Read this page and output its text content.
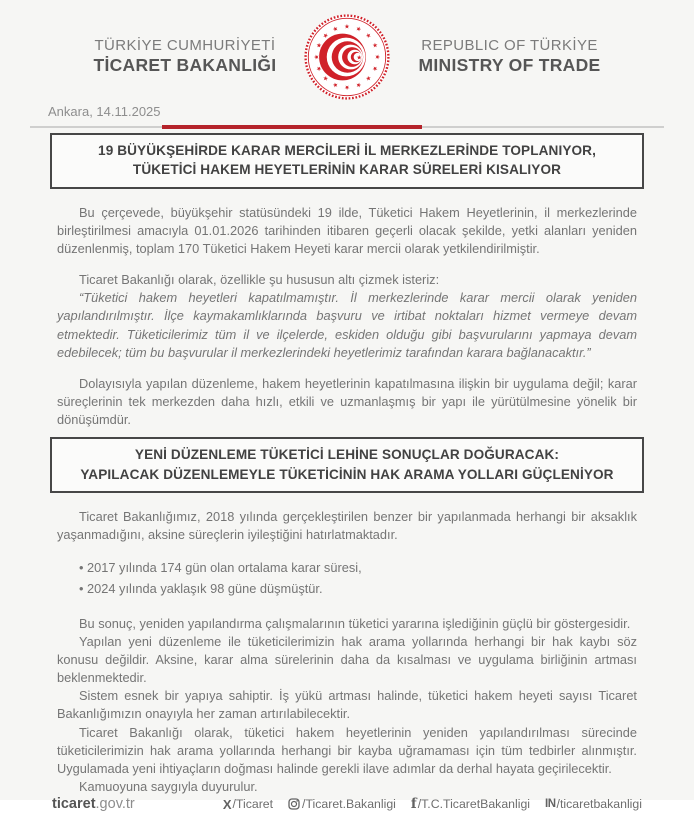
TÜRKİYE CUMHURİYETİ
TİCARET BAKANLIĞI
★
★
REPUBLIC OF TÜRKİYE
MINISTRY OF TRADE
Ankara, 14.11.2025
19 BÜYÜKŞEHİRDE KARAR MERCİLERİ İL MERKEZLERİNDE TOPLANIYOR,
TÜKETİCİ HAKEM HEYETLERİNİN KARAR SÜRELERİ KISALIYOR

Bu çerçevede, büyükşehir statüsündeki 19 ilde, Tüketici Hakem Heyetlerinin, il merkezlerinde birleştirilmesi amacıyla 01.01.2026 tarihinden itibaren geçerli olacak şekilde, yetki alanları yeniden düzenlenmiş, toplam 170 Tüketici Hakem Heyeti karar mercii olarak yetkilendirilmiştir.

Ticaret Bakanlığı olarak, özellikle şu hususun altı çizmek isteriz:

“Tüketici hakem heyetleri kapatılmamıştır. İl merkezlerinde karar mercii olarak yeniden yapılandırılmıştır. İlçe kaymakamlıklarında başvuru ve irtibat noktaları hizmet vermeye devam etmektedir. Tüketicilerimiz tüm il ve ilçelerde, eskiden olduğu gibi başvurularını yapmaya devam edebilecek; tüm bu başvurular il merkezlerindeki heyetlerimiz tarafından karara bağlanacaktır.”

Dolayısıyla yapılan düzenleme, hakem heyetlerinin kapatılmasına ilişkin bir uygulama değil; karar süreçlerinin tek merkezden daha hızlı, etkili ve uzmanlaşmış bir yapı ile yürütülmesine yönelik bir dönüşümdür.

YENİ DÜZENLEME TÜKETİCİ LEHİNE SONUÇLAR DOĞURACAK:
YAPILACAK DÜZENLEMEYLE TÜKETİCİNİN HAK ARAMA YOLLARI GÜÇLENİYOR

Ticaret Bakanlığımız, 2018 yılında gerçekleştirilen benzer bir yapılanmada herhangi bir aksaklık yaşanmadığını, aksine süreçlerin iyileştiğini hatırlatmaktadır.

• 2017 yılında 174 gün olan ortalama karar süresi,
• 2024 yılında yaklaşık 98 güne düşmüştür.

Bu sonuç, yeniden yapılandırma çalışmalarının tüketici yararına işlediğinin güçlü bir göstergesidir.

Yapılan yeni düzenleme ile tüketicilerimizin hak arama yollarında herhangi bir hak kaybı söz konusu değildir. Aksine, karar alma sürelerinin daha da kısalması ve uygulama birliğinin artması beklenmektedir.

Sistem esnek bir yapıya sahiptir. İş yükü artması halinde, tüketici hakem heyeti sayısı Ticaret Bakanlığımızın onayıyla her zaman artırılabilecektir.

Ticaret Bakanlığı olarak, tüketici hakem heyetlerinin yeniden yapılandırılması sürecinde tüketicilerimizin hak arama yollarında herhangi bir kayba uğramaması için tüm tedbirler alınmıştır. Uygulamada yeni ihtiyaçların doğması halinde gerekli ilave adımlar da derhal hayata geçirilecektir.

Kamuoyuna saygıyla duyurulur.

ticaret.gov.tr	X /Ticaret /Ticaret.Bakanligi f /T.C.TicaretBakanligi IN /ticaretbakanligi
